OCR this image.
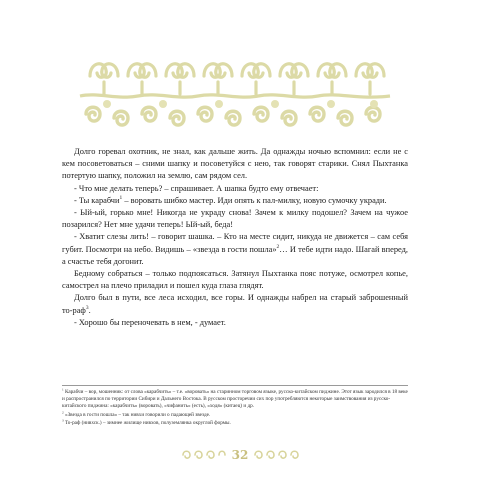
Долго горевал охотник, не знал, как дальше жить. Да однажды ночью вспомнил: если не с кем посоветоваться – сними шапку и посоветуйся с нею, так говорят старики. Снял Пыхтанка потертую шапку, положил на землю, сам рядом сел.

- Что мне делать теперь? – спрашивает. А шапка будто ему отвечает:

- Ты карабчи$^1$ – воровать шибко мастер. Иди опять к пал-милку, новую сумочку укради.

- Ый-ый, горько мне! Никогда не украду снова! Зачем к милку подошел? Зачем на чужое позарился? Нет мне удачи теперь! Ый-ый, беда!

- Хватит слезы лить! – говорит шашка. – Кто на месте сидит, никуда не движется – сам себя губит. Посмотри на небо. Видишь – «звезда в гости пошла»$^2$… И тебе идти надо. Шагай вперед, а счастье тебя догонит.

Бедному собраться – только подпоясаться. Затянул Пыхтанка пояс потуже, осмотрел копье, самострел на плечо приладил и пошел куда глаза глядят.

Долго был в пути, все леса исходил, все горы. И однажды набрел на старый заброшенный то-раф$^3$.

- Хорошо бы переночевать в нем, - думает.

$^1$ Карабчи – вор, мошенник: от слова «карабчить» – т.е. «воровать» на старинном торговом языке, русско-китайском пиджине. Этот язык зародился в 18 веке и распространился по территории Сибири и Дальнего Востока. В русском просторечии сих пор употребляются некоторые заимствования из русско-китайского пиджина: «карабчить» (воровать), «чифанить» (есть), «ходя» (китаец) и др.

$^2$ «Звезда в гости пошла» – так нивхи говорили о падающей звезде.

$^3$ То-раф (нивхск.) – зимнее жилище нивхов, полуземлянка округлой формы.

32
